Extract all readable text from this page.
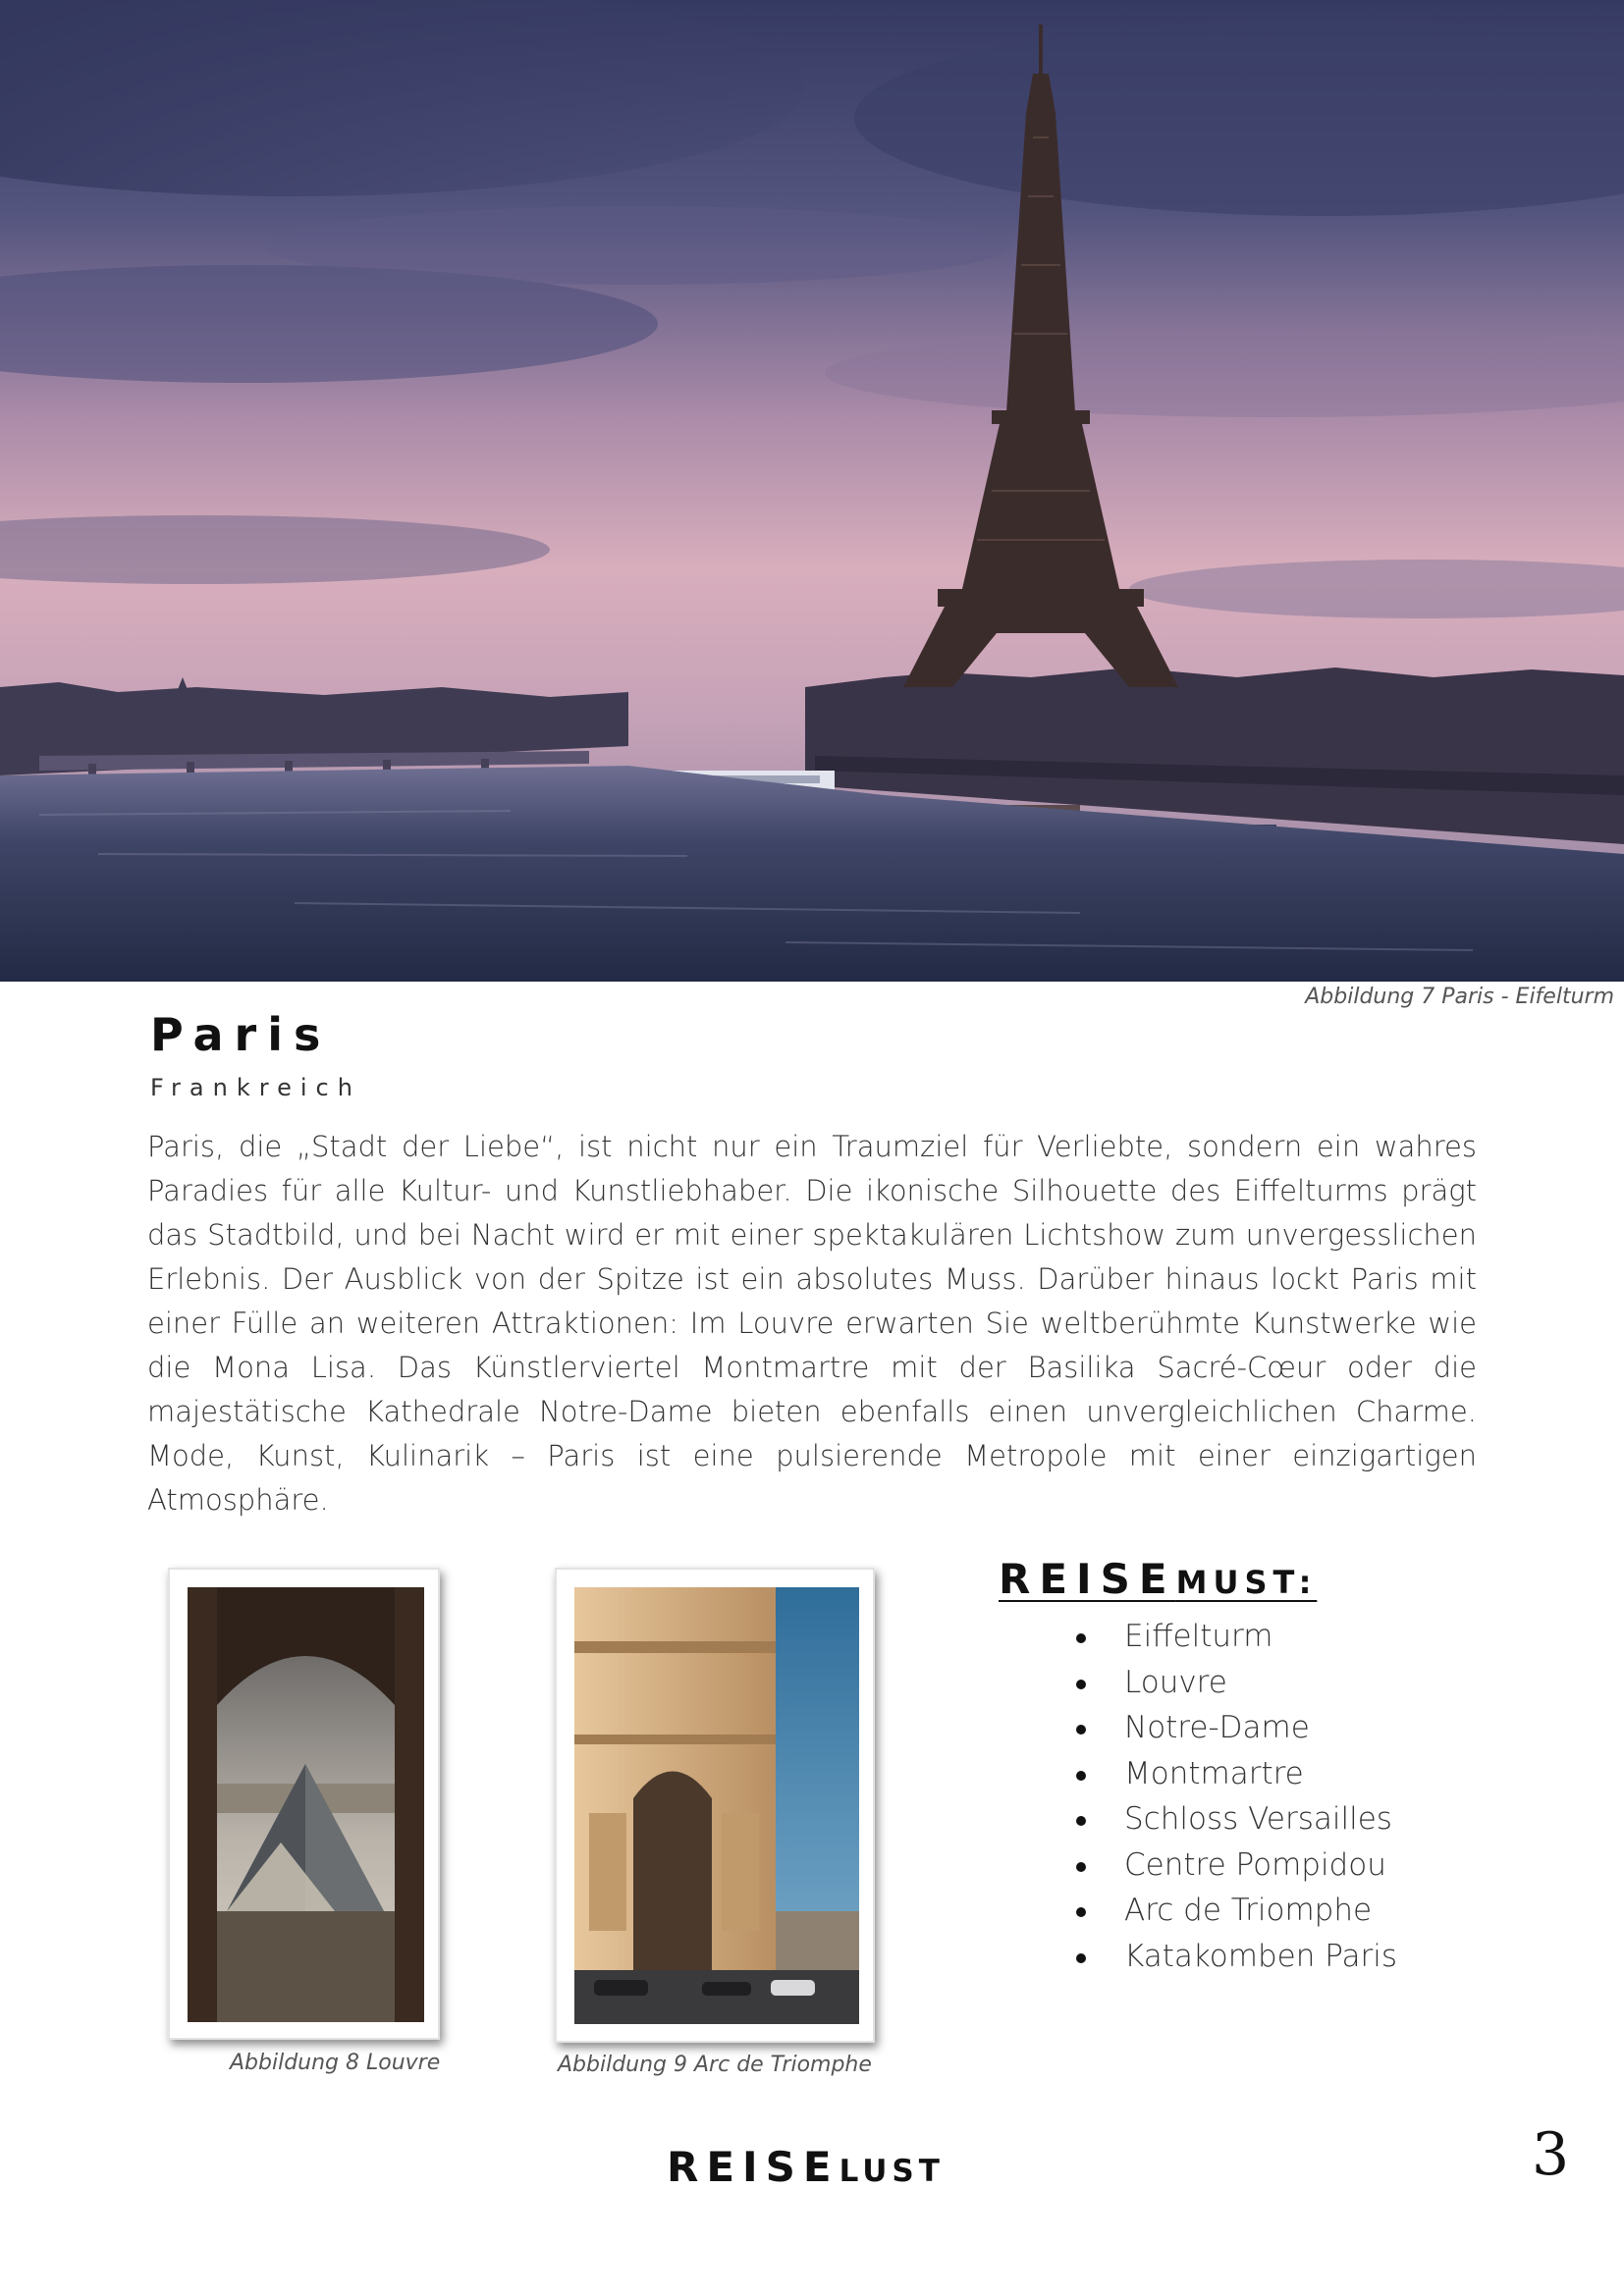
Abbildung 7 Paris - Eifelturm
Paris

Frankreich

Paris, die „Stadt der Liebe“, ist nicht nur ein Traumziel für Verliebte, sondern ein wahres Paradies für alle Kultur- und Kunstliebhaber. Die ikonische Silhouette des Eiffelturms prägt das Stadtbild, und bei Nacht wird er mit einer spektakulären Lichtshow zum unvergesslichen Erlebnis. Der Ausblick von der Spitze ist ein absolutes Muss. Darüber hinaus lockt Paris mit einer Fülle an weiteren Attraktionen: Im Louvre erwarten Sie weltberühmte Kunstwerke wie die Mona Lisa. Das Künstlerviertel Montmartre mit der Basilika Sacré-Cœur oder die majestätische Kathedrale Notre-Dame bieten ebenfalls einen unvergleichlichen Charme. Mode, Kunst, Kulinarik – Paris ist eine pulsierende Metropole mit einer einzigartigen Atmosphäre.

Abbildung 8 Louvre	Abbildung 9 Arc de Triomphe
REISEMUST:
Eiffelturm
Louvre
Notre-Dame
Montmartre
Schloss Versailles
Centre Pompidou
Arc de Triomphe
Katakomben Paris
REISELUST	3
